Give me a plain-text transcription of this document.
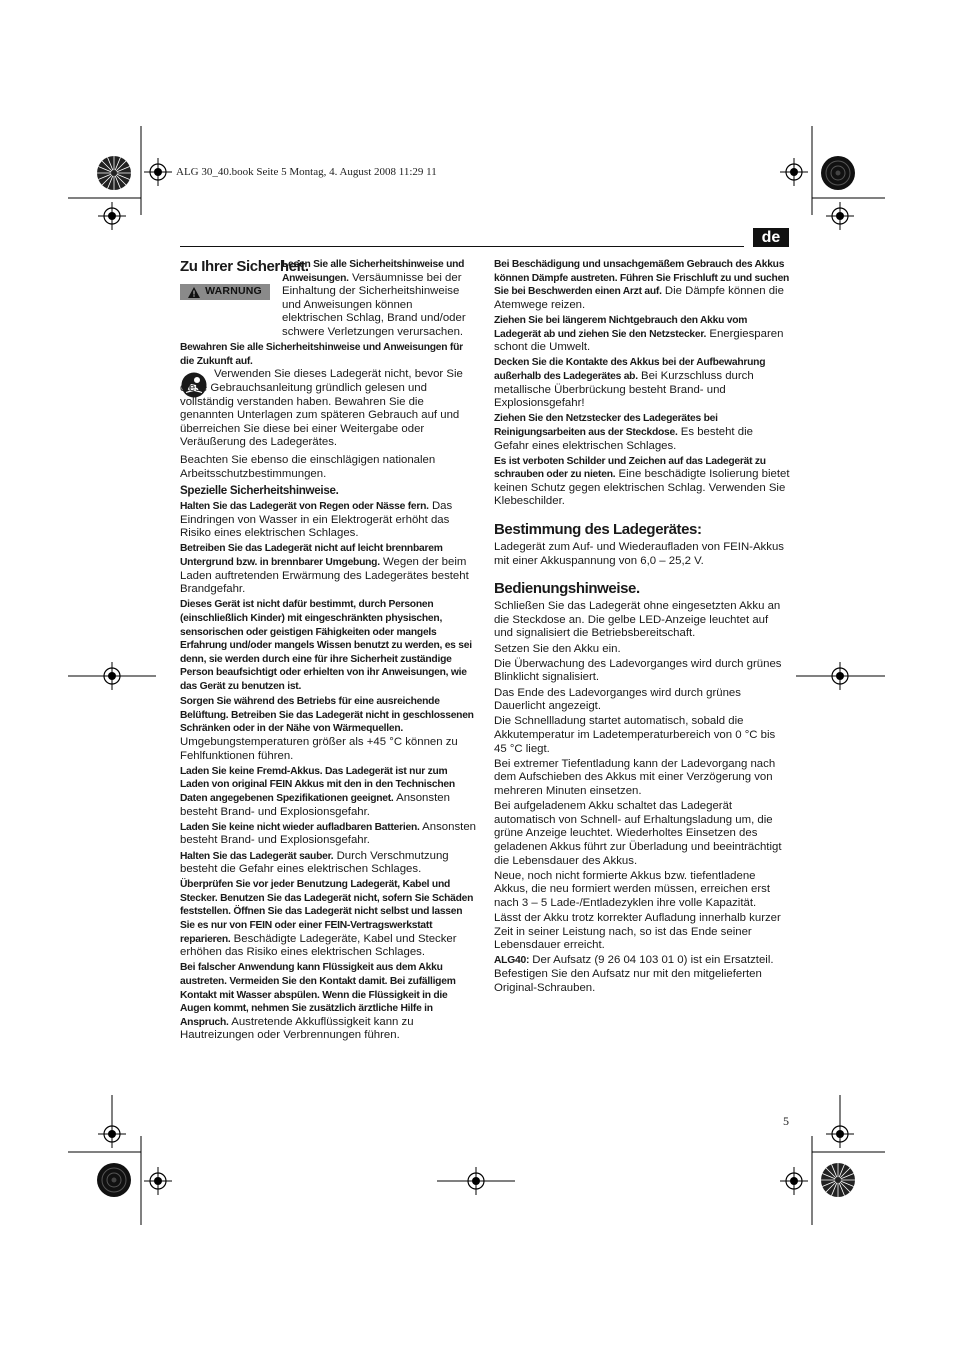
ALG 30_40.book Seite 5 Montag, 4. August 2008 11:29 11
de
Zu Ihrer Sicherheit.
WARNUNG

Lesen Sie alle Sicherheitshinweise und Anweisungen. Versäumnisse bei der Einhaltung der Sicherheitshinweise und Anweisungen können elektrischen Schlag, Brand und/oder schwere Verletzungen verursachen.

Bewahren Sie alle Sicherheitshinweise und Anweisungen für die Zukunft auf.

Verwenden Sie dieses Ladegerät nicht, bevor Sie diese Gebrauchsanleitung gründlich gelesen und vollständig verstanden haben. Bewahren Sie die genannten Unterlagen zum späteren Gebrauch auf und überreichen Sie diese bei einer Weitergabe oder Veräußerung des Ladegerätes.

Beachten Sie ebenso die einschlägigen nationalen Arbeitsschutzbestimmungen.

Spezielle Sicherheitshinweise.

Halten Sie das Ladegerät von Regen oder Nässe fern. Das Eindringen von Wasser in ein Elektrogerät erhöht das Risiko eines elektrischen Schlages.

Betreiben Sie das Ladegerät nicht auf leicht brennbarem Untergrund bzw. in brennbarer Umgebung. Wegen der beim Laden auftretenden Erwärmung des Ladegerätes besteht Brandgefahr.

Dieses Gerät ist nicht dafür bestimmt, durch Personen (einschließlich Kinder) mit eingeschränkten physischen, sensorischen oder geistigen Fähigkeiten oder mangels Erfahrung und/oder mangels Wissen benutzt zu werden, es sei denn, sie werden durch eine für ihre Sicherheit zuständige Person beaufsichtigt oder erhielten von ihr Anweisungen, wie das Gerät zu benutzen ist.

Sorgen Sie während des Betriebs für eine ausreichende Belüftung. Betreiben Sie das Ladegerät nicht in geschlossenen Schränken oder in der Nähe von Wärmequellen. Umgebungstemperaturen größer als +45 °C können zu Fehlfunktionen führen.

Laden Sie keine Fremd-Akkus. Das Ladegerät ist nur zum Laden von original FEIN Akkus mit den in den Technischen Daten angegebenen Spezifikationen geeignet. Ansonsten besteht Brand- und Explosionsgefahr.

Laden Sie keine nicht wieder aufladbaren Batterien. Ansonsten besteht Brand- und Explosionsgefahr.

Halten Sie das Ladegerät sauber. Durch Verschmutzung besteht die Gefahr eines elektrischen Schlages.

Überprüfen Sie vor jeder Benutzung Ladegerät, Kabel und Stecker. Benutzen Sie das Ladegerät nicht, sofern Sie Schäden feststellen. Öffnen Sie das Ladegerät nicht selbst und lassen Sie es nur von FEIN oder einer FEIN-Vertragswerkstatt reparieren. Beschädigte Ladegeräte, Kabel und Stecker erhöhen das Risiko eines elektrischen Schlages.

Bei falscher Anwendung kann Flüssigkeit aus dem Akku austreten. Vermeiden Sie den Kontakt damit. Bei zufälligem Kontakt mit Wasser abspülen. Wenn die Flüssigkeit in die Augen kommt, nehmen Sie zusätzlich ärztliche Hilfe in Anspruch. Austretende Akkuflüssigkeit kann zu Hautreizungen oder Verbrennungen führen.

Bei Beschädigung und unsachgemäßem Gebrauch des Akkus können Dämpfe austreten. Führen Sie Frischluft zu und suchen Sie bei Beschwerden einen Arzt auf. Die Dämpfe können die Atemwege reizen.

Ziehen Sie bei längerem Nichtgebrauch den Akku vom Ladegerät ab und ziehen Sie den Netzstecker. Energiesparen schont die Umwelt.

Decken Sie die Kontakte des Akkus bei der Aufbewahrung außerhalb des Ladegerätes ab. Bei Kurzschluss durch metallische Überbrückung besteht Brand- und Explosionsgefahr!

Ziehen Sie den Netzstecker des Ladegerätes bei Reinigungsarbeiten aus der Steckdose. Es besteht die Gefahr eines elektrischen Schlages.

Es ist verboten Schilder und Zeichen auf das Ladegerät zu schrauben oder zu nieten. Eine beschädigte Isolierung bietet keinen Schutz gegen elektrischen Schlag. Verwenden Sie Klebeschilder.

Bestimmung des Ladegerätes:

Ladegerät zum Auf- und Wiederaufladen von FEIN-Akkus mit einer Akkuspannung von 6,0 – 25,2 V.

Bedienungshinweise.

Schließen Sie das Ladegerät ohne eingesetzten Akku an die Steckdose an. Die gelbe LED-Anzeige leuchtet auf und signalisiert die Betriebsbereitschaft.

Setzen Sie den Akku ein.

Die Überwachung des Ladevorganges wird durch grünes Blinklicht signalisiert.

Das Ende des Ladevorganges wird durch grünes Dauerlicht angezeigt.

Die Schnellladung startet automatisch, sobald die Akkutemperatur im Ladetemperaturbereich von 0 °C bis 45 °C liegt.

Bei extremer Tiefentladung kann der Ladevorgang nach dem Aufschieben des Akkus mit einer Verzögerung von mehreren Minuten einsetzen.

Bei aufgeladenem Akku schaltet das Ladegerät automatisch von Schnell- auf Erhaltungsladung um, die grüne Anzeige leuchtet. Wiederholtes Einsetzen des geladenen Akkus führt zur Überladung und beeinträchtigt die Lebensdauer des Akkus.

Neue, noch nicht formierte Akkus bzw. tiefentladene Akkus, die neu formiert werden müssen, erreichen erst nach 3 – 5 Lade-/Entladezyklen ihre volle Kapazität.

Lässt der Akku trotz korrekter Aufladung innerhalb kurzer Zeit in seiner Leistung nach, so ist das Ende seiner Lebensdauer erreicht.

ALG40: Der Aufsatz (9 26 04 103 01 0) ist ein Ersatzteil. Befestigen Sie den Aufsatz nur mit den mitgelieferten Original-Schrauben.

5
